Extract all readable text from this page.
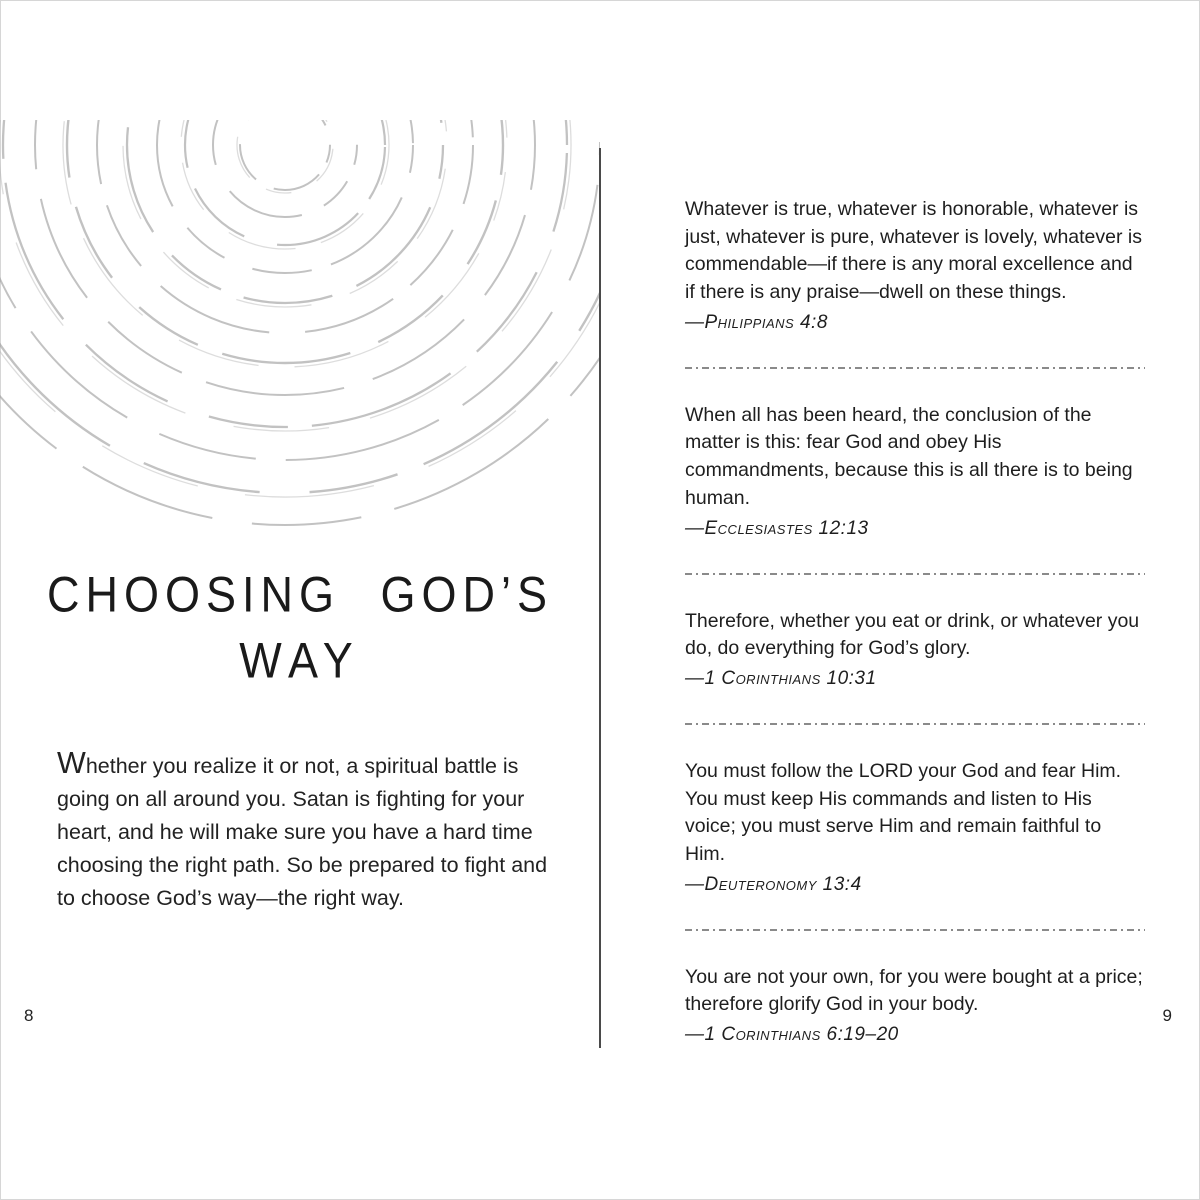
CHOOSING GOD’S
WAY

Whether you realize it or not, a spiritual battle is going on all around you. Satan is fighting for your heart, and he will make sure you have a hard time choosing the right path. So be prepared to fight and to choose God’s way—the right way.

8

Whatever is true, whatever is honorable, whatever is just, whatever is pure, whatever is lovely, whatever is commendable—if there is any moral excellence and if there is any praise—dwell on these things.

—Philippians 4:8

When all has been heard, the conclusion of the matter is this: fear God and obey His commandments, because this is all there is to being human.

—Ecclesiastes 12:13

Therefore, whether you eat or drink, or whatever you do, do everything for God’s glory.

—1 Corinthians 10:31

You must follow the LORD your God and fear Him. You must keep His commands and listen to His voice; you must serve Him and remain faithful to Him.

—Deuteronomy 13:4

You are not your own, for you were bought at a price; therefore glorify God in your body.

—1 Corinthians 6:19–20

9
